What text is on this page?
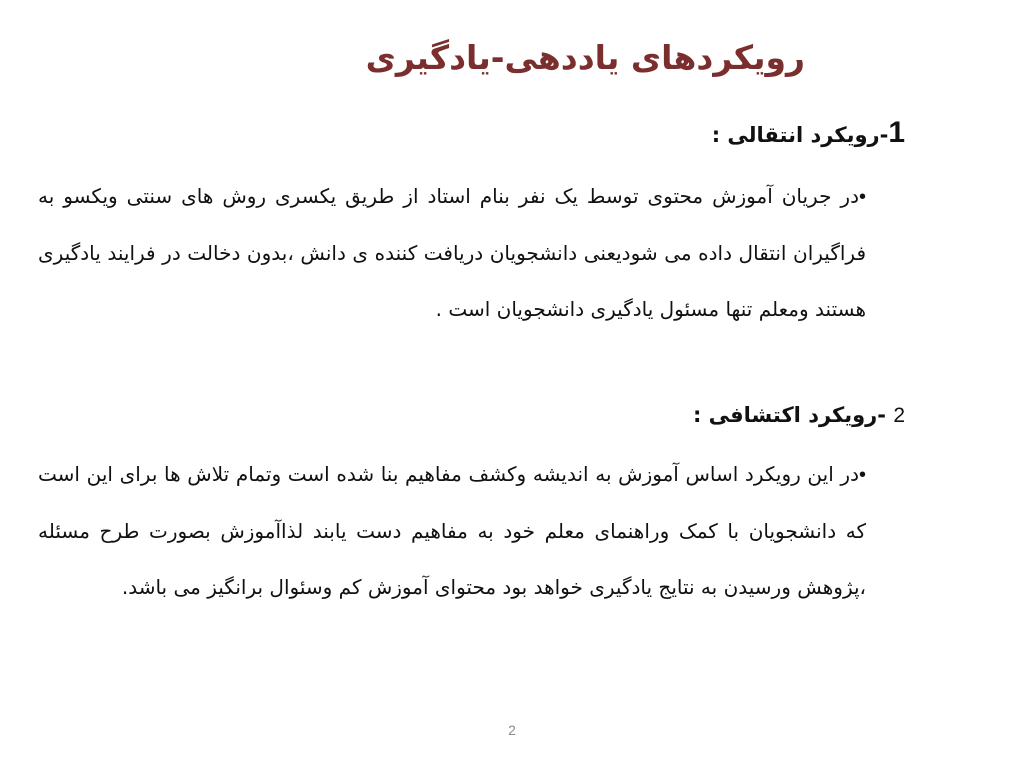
رویکردهای یاددهی-یادگیری
1-رویکرد انتقالی :
•در جریان آموزش محتوی توسط یک نفر بنام استاد از طریق یکسری روش های سنتی ویکسو به فراگیران انتقال داده می شودیعنی دانشجویان دریافت کننده ی دانش ،بدون دخالت در فرایند یادگیری هستند ومعلم تنها مسئول یادگیری دانشجویان است .
2 -رویکرد اکتشافی :
•در این رویکرد اساس آموزش به اندیشه وکشف مفاهیم بنا شده است وتمام تلاش ها برای این است که دانشجویان با کمک وراهنمای معلم خود به مفاهیم دست یابند لذاآموزش بصورت طرح مسئله ،پژوهش ورسیدن به نتایج یادگیری خواهد بود محتوای آموزش کم وسئوال برانگیز می باشد.
2
